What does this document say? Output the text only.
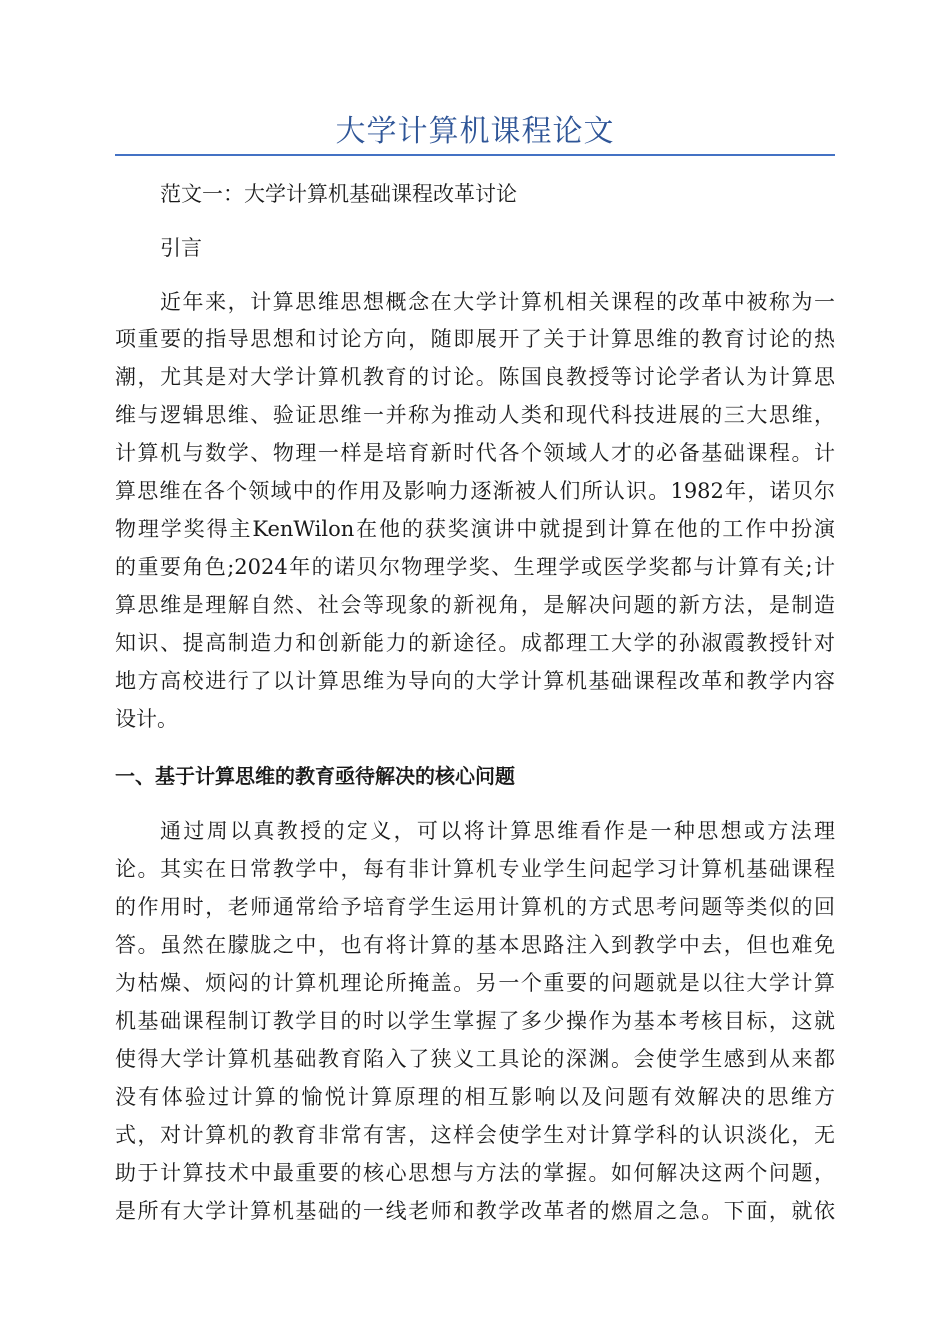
大学计算机课程论文
范文一：大学计算机基础课程改革讨论
引言
近年来，计算思维思想概念在大学计算机相关课程的改革中被称为一
项重要的指导思想和讨论方向，随即展开了关于计算思维的教育讨论的热
潮，尤其是对大学计算机教育的讨论。陈国良教授等讨论学者认为计算思
维与逻辑思维、验证思维一并称为推动人类和现代科技进展的三大思维，
计算机与数学、物理一样是培育新时代各个领域人才的必备基础课程。计
算思维在各个领域中的作用及影响力逐渐被人们所认识。1982年，诺贝尔
物理学奖得主KenWilon在他的获奖演讲中就提到计算在他的工作中扮演
的重要角色;2024年的诺贝尔物理学奖、生理学或医学奖都与计算有关;计
算思维是理解自然、社会等现象的新视角，是解决问题的新方法，是制造
知识、提高制造力和创新能力的新途径。成都理工大学的孙淑霞教授针对
地方高校进行了以计算思维为导向的大学计算机基础课程改革和教学内容
设计。
一、基于计算思维的教育亟待解决的核心问题
通过周以真教授的定义，可以将计算思维看作是一种思想或方法理
论。其实在日常教学中，每有非计算机专业学生问起学习计算机基础课程
的作用时，老师通常给予培育学生运用计算机的方式思考问题等类似的回
答。虽然在朦胧之中，也有将计算的基本思路注入到教学中去，但也难免
为枯燥、烦闷的计算机理论所掩盖。另一个重要的问题就是以往大学计算
机基础课程制订教学目的时以学生掌握了多少操作为基本考核目标，这就
使得大学计算机基础教育陷入了狭义工具论的深渊。会使学生感到从来都
没有体验过计算的愉悦计算原理的相互影响以及问题有效解决的思维方
式，对计算机的教育非常有害，这样会使学生对计算学科的认识淡化，无
助于计算技术中最重要的核心思想与方法的掌握。如何解决这两个问题，
是所有大学计算机基础的一线老师和教学改革者的燃眉之急。下面，就依
